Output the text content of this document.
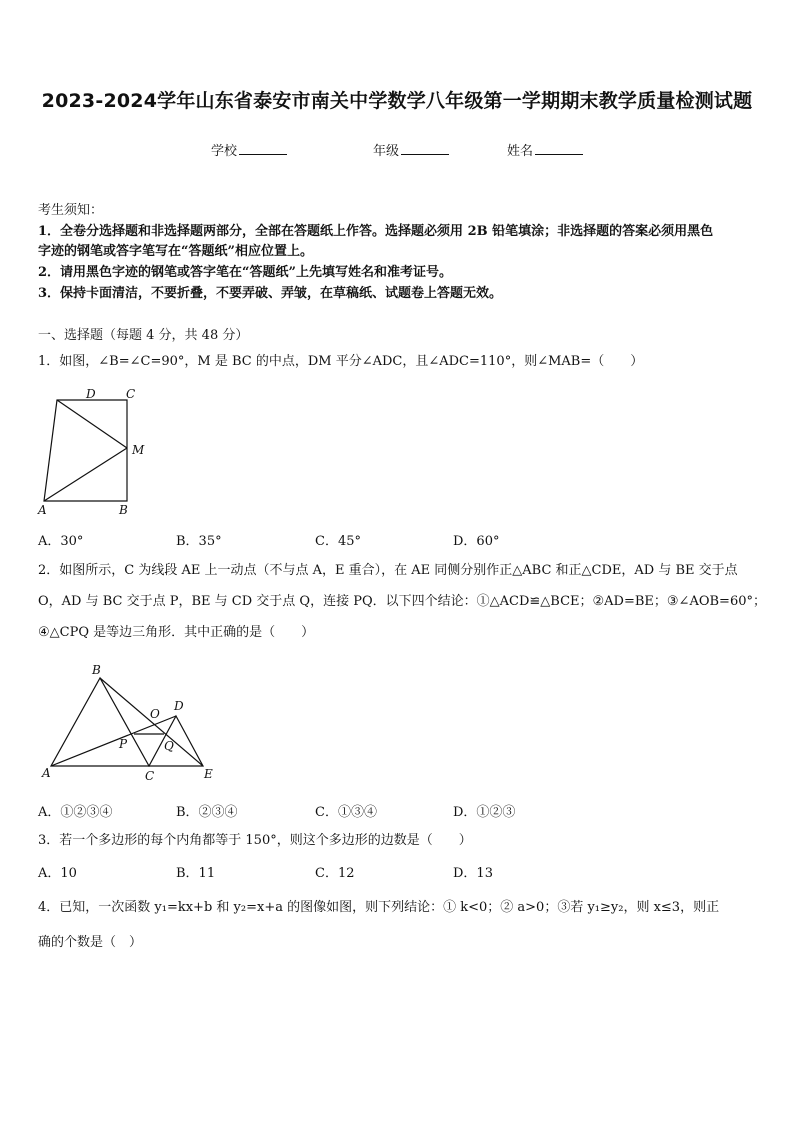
2023-2024学年山东省泰安市南关中学数学八年级第一学期期末教学质量检测试题
学校	年级	姓名
考生须知：
1．全卷分选择题和非选择题两部分，全部在答题纸上作答。选择题必须用 2B 铅笔填涂；非选择题的答案必须用黑色
字迹的钢笔或答字笔写在“答题纸”相应位置上。
2．请用黑色字迹的钢笔或答字笔在“答题纸”上先填写姓名和准考证号。
3．保持卡面清洁，不要折叠，不要弄破、弄皱，在草稿纸、试题卷上答题无效。
一、选择题（每题 4 分，共 48 分）
1．如图，∠B=∠C=90°，M 是 BC 的中点，DM 平分∠ADC，且∠ADC=110°，则∠MAB=（　　）
D	C
M
A	B
A．30°	B．35°	C．45°	D．60°
2．如图所示，C 为线段 AE 上一动点（不与点 A，E 重合），在 AE 同侧分别作正△ABC 和正△CDE，AD 与 BE 交于点
O，AD 与 BC 交于点 P，BE 与 CD 交于点 Q，连接 PQ．以下四个结论：①△ACD≌△BCE；②AD=BE；③∠AOB=60°；
④△CPQ 是等边三角形．其中正确的是（　　）
B
D
O
P	Q
A	C	E
A．①②③④	B．②③④	C．①③④	D．①②③
3．若一个多边形的每个内角都等于 150°，则这个多边形的边数是（　　）
A．10	B．11	C．12	D．13
4．已知，一次函数 y₁=kx+b 和 y₂=x+a 的图像如图，则下列结论：① k<0；② a>0；③若 y₁≥y₂，则 x≤3，则正
确的个数是（　）
